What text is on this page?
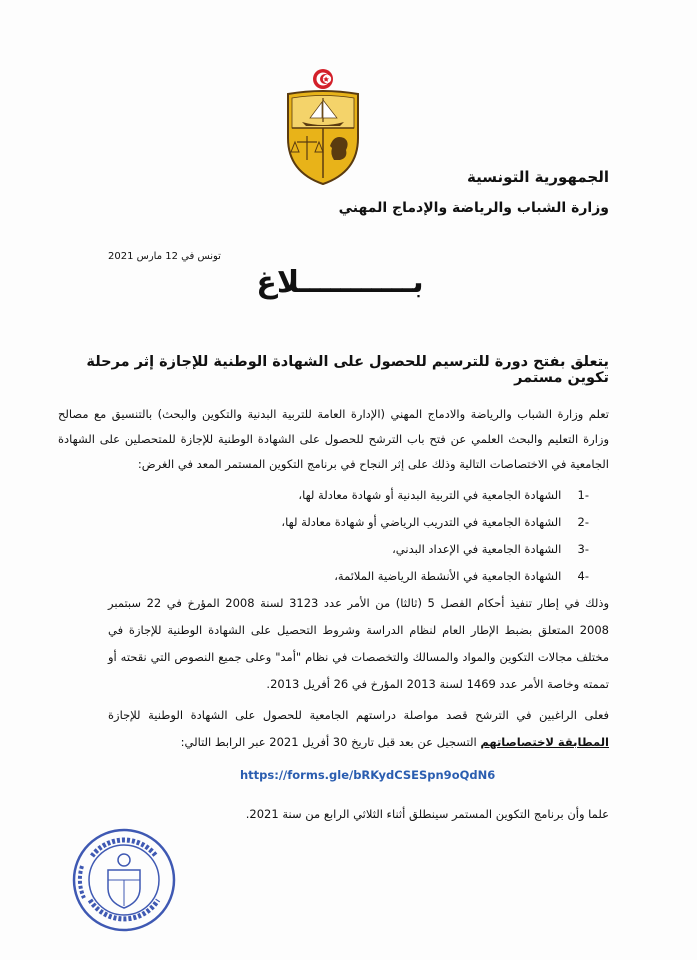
الجمهورية التونسية
وزارة الشباب والرياضة والإدماج المهني
تونس في 12 مارس 2021
بـــــــــــلاغ
يتعلق بفتح دورة للترسيم للحصول على الشهادة الوطنية للإجازة إثر مرحلة تكوين مستمر
تعلم وزارة الشباب والرياضة والادماج المهني (الإدارة العامة للتربية البدنية والتكوين والبحث) بالتنسيق مع مصالح وزارة التعليم والبحث العلمي عن فتح باب الترشح للحصول على الشهادة الوطنية للإجازة للمتحصلين على الشهادة الجامعية في الاختصاصات التالية وذلك على إثر النجاح في برنامج التكوين المستمر المعد في الغرض:
-1 الشهادة الجامعية في التربية البدنية أو شهادة معادلة لها،
-2 الشهادة الجامعية في التدريب الرياضي أو شهادة معادلة لها،
-3 الشهادة الجامعية في الإعداد البدني،
-4 الشهادة الجامعية في الأنشطة الرياضية الملائمة،
وذلك في إطار تنفيذ أحكام الفصل 5 (ثالثا) من الأمر عدد 3123 لسنة 2008 المؤرخ في 22 سبتمبر 2008 المتعلق بضبط الإطار العام لنظام الدراسة وشروط التحصيل على الشهادة الوطنية للإجازة في مختلف مجالات التكوين والمواد والمسالك والتخصصات في نظام "أمد" وعلى جميع النصوص التي نقحته أو تممته وخاصة الأمر عدد 1469 لسنة 2013 المؤرخ في 26 أفريل 2013.
فعلى الراغبين في الترشح قصد مواصلة دراستهم الجامعية للحصول على الشهادة الوطنية للإجازة المطابقة لاختصاصاتهم التسجيل عن بعد قبل تاريخ 30 أفريل 2021 عبر الرابط التالي:
https://forms.gle/bRKydCSESpn9oQdN6
علما وأن برنامج التكوين المستمر سينطلق أثناء الثلاثي الرابع من سنة 2021.
